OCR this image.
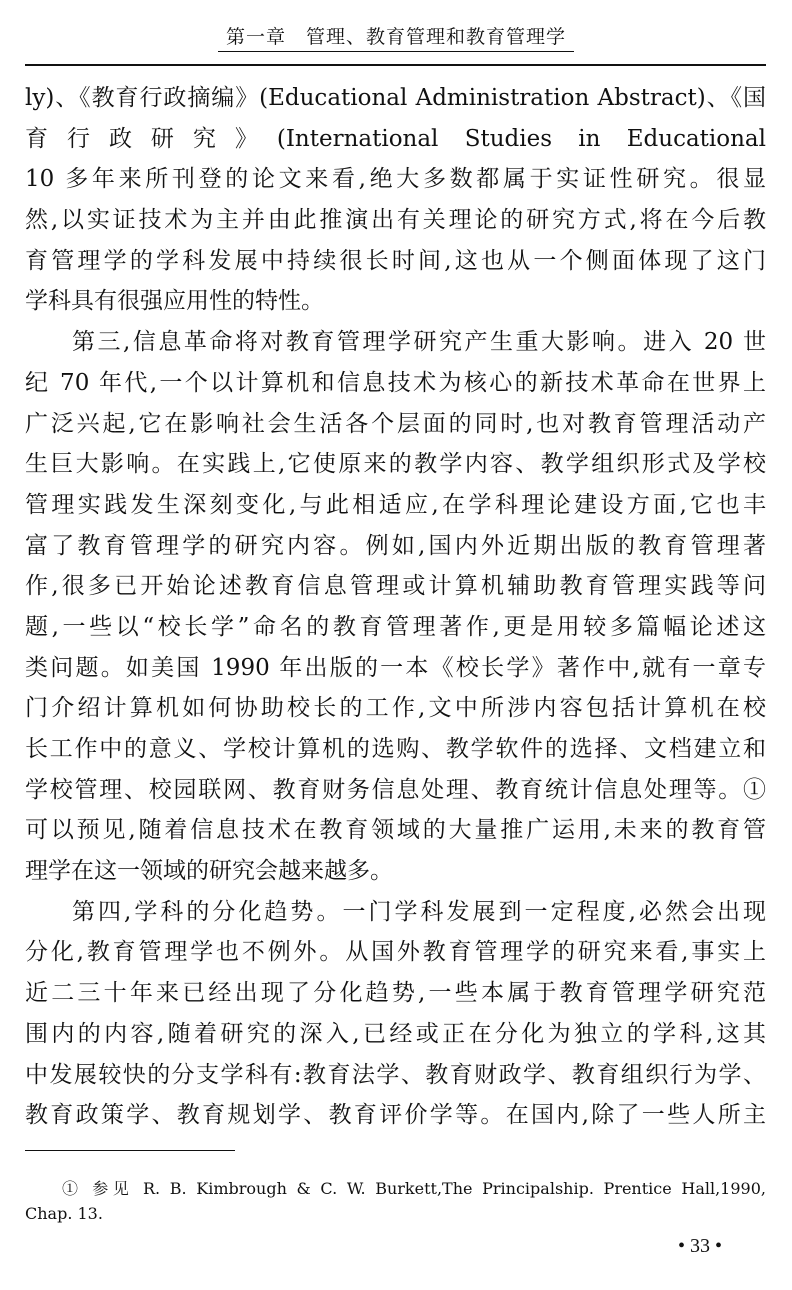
第一章　管理、教育管理和教育管理学
ly)、《教育行政摘编》(Educational Administration Abstract)、《国
育行政研究》(International Studies in Educational
10 多年来所刊登的论文来看,绝大多数都属于实证性研究。很显
然,以实证技术为主并由此推演出有关理论的研究方式,将在今后教
育管理学的学科发展中持续很长时间,这也从一个侧面体现了这门
学科具有很强应用性的特性。
第三,信息革命将对教育管理学研究产生重大影响。进入 20 世
纪 70 年代,一个以计算机和信息技术为核心的新技术革命在世界上
广泛兴起,它在影响社会生活各个层面的同时,也对教育管理活动产
生巨大影响。在实践上,它使原来的教学内容、教学组织形式及学校
管理实践发生深刻变化,与此相适应,在学科理论建设方面,它也丰
富了教育管理学的研究内容。例如,国内外近期出版的教育管理著
作,很多已开始论述教育信息管理或计算机辅助教育管理实践等问
题,一些以“校长学”命名的教育管理著作,更是用较多篇幅论述这
类问题。如美国 1990 年出版的一本《校长学》著作中,就有一章专
门介绍计算机如何协助校长的工作,文中所涉内容包括计算机在校
长工作中的意义、学校计算机的选购、教学软件的选择、文档建立和
学校管理、校园联网、教育财务信息处理、教育统计信息处理等。①
可以预见,随着信息技术在教育领域的大量推广运用,未来的教育管
理学在这一领域的研究会越来越多。
第四,学科的分化趋势。一门学科发展到一定程度,必然会出现
分化,教育管理学也不例外。从国外教育管理学的研究来看,事实上
近二三十年来已经出现了分化趋势,一些本属于教育管理学研究范
围内的内容,随着研究的深入,已经或正在分化为独立的学科,这其
中发展较快的分支学科有:教育法学、教育财政学、教育组织行为学、
教育政策学、教育规划学、教育评价学等。在国内,除了一些人所主
① 参见 R. B. Kimbrough & C. W. Burkett,The Principalship. Prentice Hall,1990,
Chap. 13.
• 33 •
